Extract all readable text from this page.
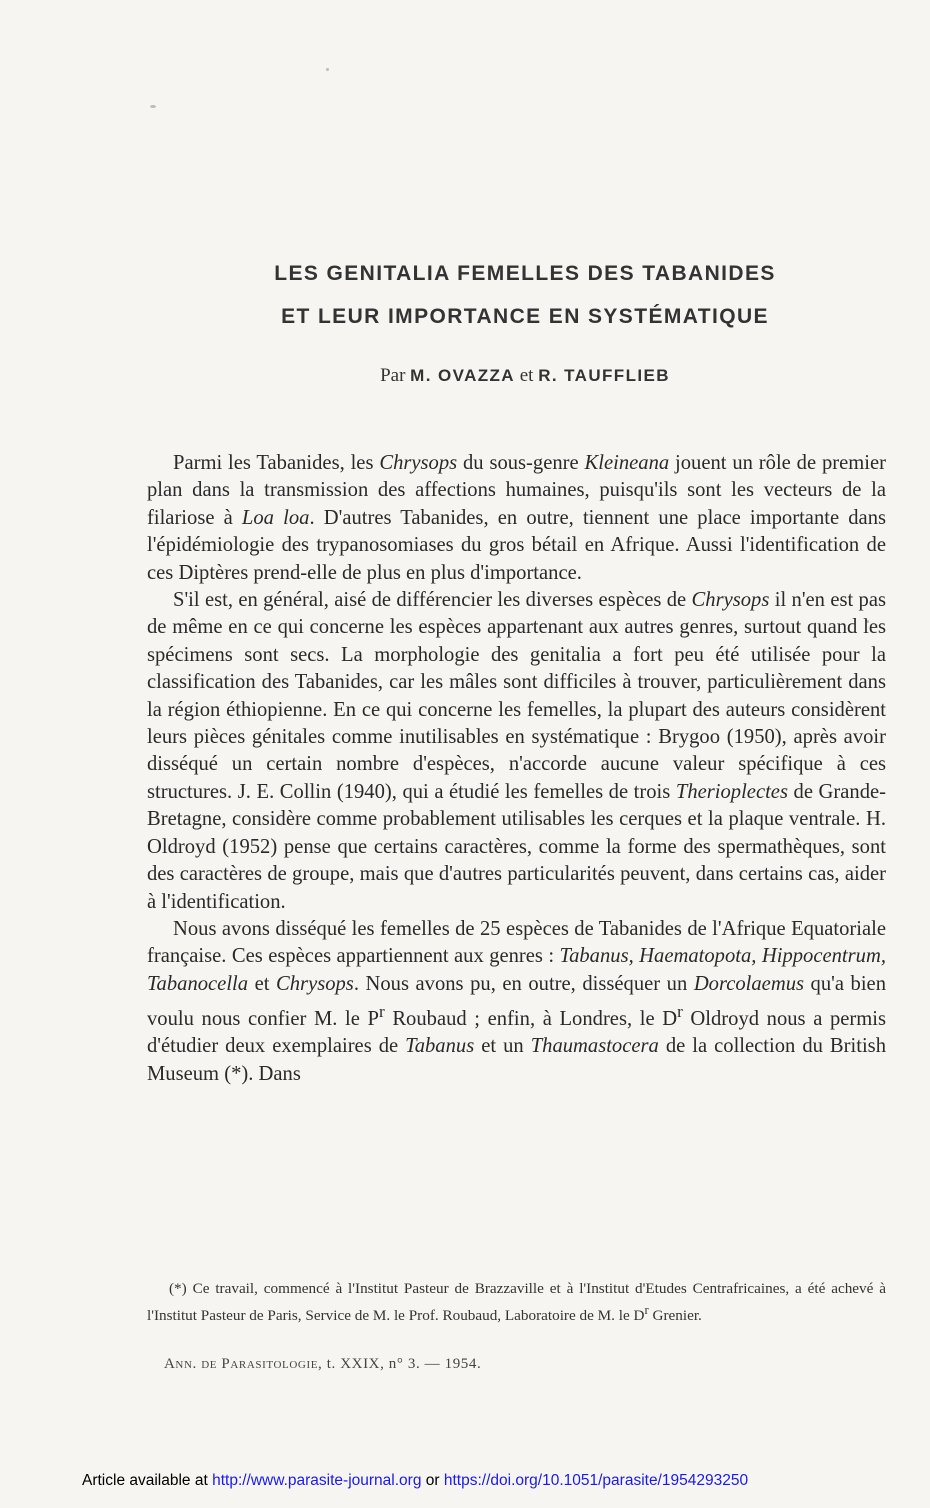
LES GENITALIA FEMELLES DES TABANIDES
ET LEUR IMPORTANCE EN SYSTÉMATIQUE
Par M. OVAZZA et R. TAUFFLIEB

Parmi les Tabanides, les Chrysops du sous-genre Kleineana jouent un rôle de premier plan dans la transmission des affections humaines, puisqu'ils sont les vecteurs de la filariose à Loa loa. D'autres Tabanides, en outre, tiennent une place importante dans l'épidémiologie des trypanosomiases du gros bétail en Afrique. Aussi l'identification de ces Diptères prend-elle de plus en plus d'importance.

S'il est, en général, aisé de différencier les diverses espèces de Chrysops il n'en est pas de même en ce qui concerne les espèces appartenant aux autres genres, surtout quand les spécimens sont secs. La morphologie des genitalia a fort peu été utilisée pour la classification des Tabanides, car les mâles sont difficiles à trouver, particulièrement dans la région éthiopienne. En ce qui concerne les femelles, la plupart des auteurs considèrent leurs pièces génitales comme inutilisables en systématique : Brygoo (1950), après avoir disséqué un certain nombre d'espèces, n'accorde aucune valeur spécifique à ces structures. J. E. Collin (1940), qui a étudié les femelles de trois Therioplectes de Grande-Bretagne, considère comme probablement utilisables les cerques et la plaque ventrale. H. Oldroyd (1952) pense que certains caractères, comme la forme des spermathèques, sont des caractères de groupe, mais que d'autres particularités peuvent, dans certains cas, aider à l'identification.

Nous avons disséqué les femelles de 25 espèces de Tabanides de l'Afrique Equatoriale française. Ces espèces appartiennent aux genres : Tabanus, Haematopota, Hippocentrum, Tabanocella et Chrysops. Nous avons pu, en outre, disséquer un Dorcolaemus qu'a bien voulu nous confier M. le $P^r$ Roubaud ; enfin, à Londres, le $D^r$ Oldroyd nous a permis d'étudier deux exemplaires de Tabanus et un Thaumastocera de la collection du British Museum (*). Dans

(*) Ce travail, commencé à l'Institut Pasteur de Brazzaville et à l'Institut d'Etudes Centrafricaines, a été achevé à l'Institut Pasteur de Paris, Service de M. le Prof. Roubaud, Laboratoire de M. le $D^r$ Grenier.

Ann. de Parasitologie, t. XXIX, n° 3. — 1954.
Article available at http://www.parasite-journal.org or https://doi.org/10.1051/parasite/1954293250
